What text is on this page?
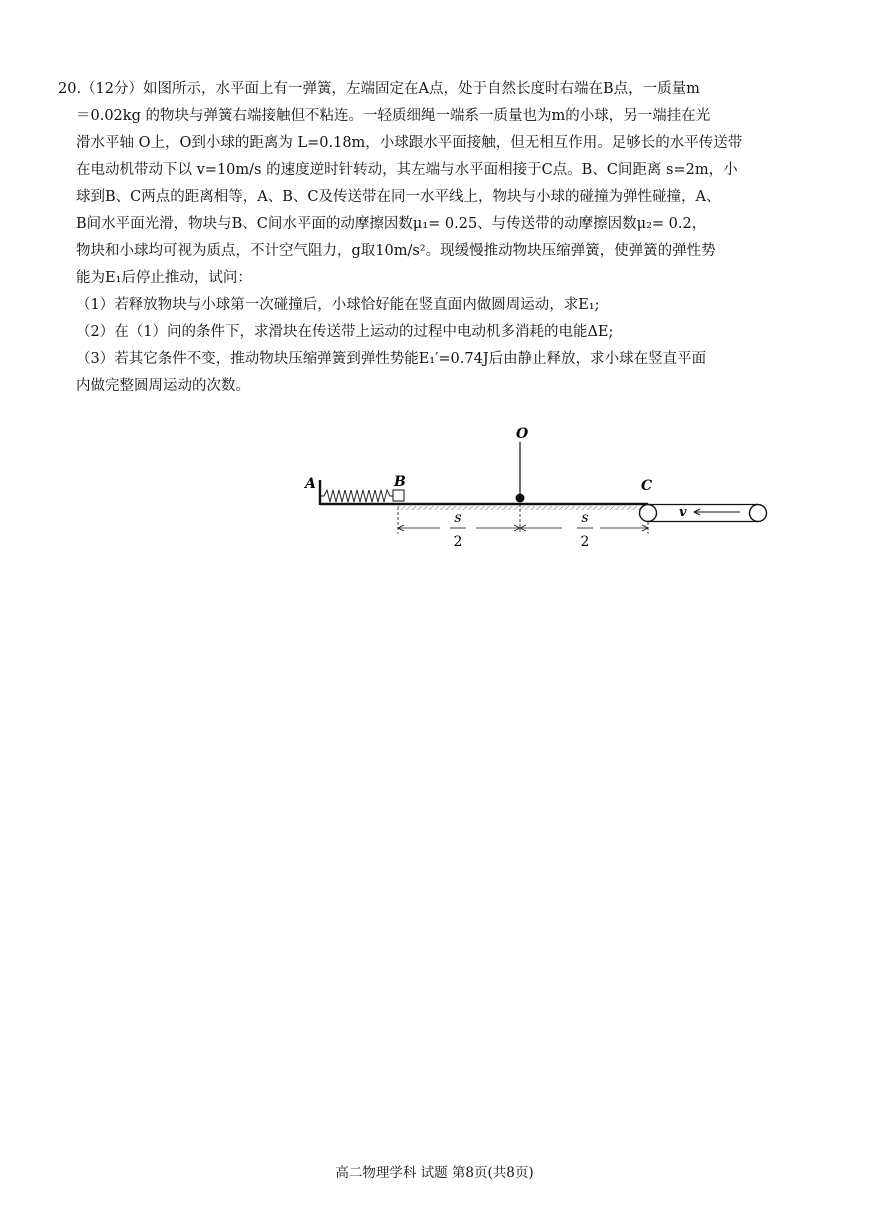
20.（12分）如图所示，水平面上有一弹簧，左端固定在A点，处于自然长度时右端在B点，一质量m

＝0.02kg 的物块与弹簧右端接触但不粘连。一轻质细绳一端系一质量也为m的小球，另一端挂在光

滑水平轴 O上，O到小球的距离为 L=0.18m，小球跟水平面接触，但无相互作用。足够长的水平传送带

在电动机带动下以 v=10m/s 的速度逆时针转动，其左端与水平面相接于C点。B、C间距离 s=2m，小

球到B、C两点的距离相等，A、B、C及传送带在同一水平线上，物块与小球的碰撞为弹性碰撞，A、

B间水平面光滑，物块与B、C间水平面的动摩擦因数μ₁= 0.25、与传送带的动摩擦因数μ₂= 0.2，

物块和小球均可视为质点，不计空气阻力，g取10m/s²。现缓慢推动物块压缩弹簧，使弹簧的弹性势

能为E₁后停止推动，试问：

（1）若释放物块与小球第一次碰撞后，小球恰好能在竖直面内做圆周运动，求E₁;

（2）在（1）问的条件下，求滑块在传送带上运动的过程中电动机多消耗的电能ΔE;

（3）若其它条件不变，推动物块压缩弹簧到弹性势能E₁′=0.74J后由静止释放，求小球在竖直平面

内做完整圆周运动的次数。

O
A	B	C
v
s
2
s
2
高二物理学科 试题 第8页(共8页)
